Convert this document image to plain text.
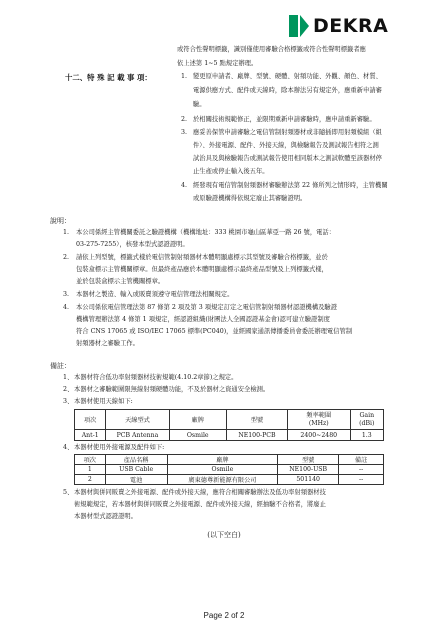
DEKRA
或符合性聲明標籤，識別僅使用審驗合格標籤或符合性聲明標籤者應
依上述第 1~5 點規定辦理。
十二、特 殊 記 載 事 項：	1. 變更原申請者、廠牌、型號、硬體、射頻功能、外觀、顏色、材質、
電源供應方式、配件或天線時，除本辦法另有規定外，應重新申請審
驗。
2. 於相關技術規範修正，並限期重新申請審驗時，應申請重新審驗。
3. 應妥善保管申請審驗之電信管制射頻器材或非隨插即用射頻模組（組
件）、外接電源、配件、外接天線，與檢驗報告及測試報告相符之測
試治具及與檢驗報告或測試報告使用相同版本之測試軟體至該器材停
止生產或停止輸入後五年。
4. 經發現有電信管制射頻器材審驗辦法第 22 條所列之情形時，主管機關
或原驗證機構得依規定廢止其審驗證明。
說明：
1. 本公司係經主管機關委託之驗證機構（機構地址：333 桃園市龜山區華亞一路 26 號，電話：
03-275-7255），核發本型式認證證明。
2. 請依上列型號，標籤式樣於電信管制射頻器材本體明顯處標示其型號及審驗合格標籤，並於
包裝盒標示主管機關標章。但最終產品應於本體明顯處標示最終產品型號及上列標籤式樣，
並於包裝盒標示主管機關標章。
3. 本器材之製造、輸入或販賣須遵守電信管理法相關規定。
4. 本公司係依電信管理法第 87 條第 2 項及第 3 項規定訂定之電信管制射頻器材認證機構及驗證
機構管理辦法第 4 條第 1 項規定，經認證組織(財團法人全國認證基金會)認可建立驗證制度
符合 CNS 17065 或 ISO/IEC 17065 標準(PC040)，並經國家通訊傳播委員會委託辦理電信管制
射頻器材之審驗工作。
備註：
1、 本器材符合低功率射頻器材技術規範(4.10.2章節)之規定。
2、 本器材之審驗範圍限無線射頻硬體功能，不及於器材之資通安全檢測。
3、 本器材使用天線如下:
項次	天線型式	廠牌	型號	頻率範圍
(MHz)	Gain
(dBi)
Ant-1	PCB Antenna	Osmile	NE100-PCB	2400~2480	1.3
4、 本器材使用外接電源及配件如下:
項次	產品名稱	廠牌	型號	備註
1	USB Cable	Osmile	NE100-USB	--
2	電池	廣東德尊新能源有限公司	501140	--
5、 本器材與併同販賣之外接電源、配件或外接天線，應符合相關審驗辦法及低功率射頻器材技
術規範規定，若本器材與併同販賣之外接電源、配件或外接天線，經抽驗不合格者，將廢止
本器材型式認證證明。
(以下空白)
Page 2 of 2
